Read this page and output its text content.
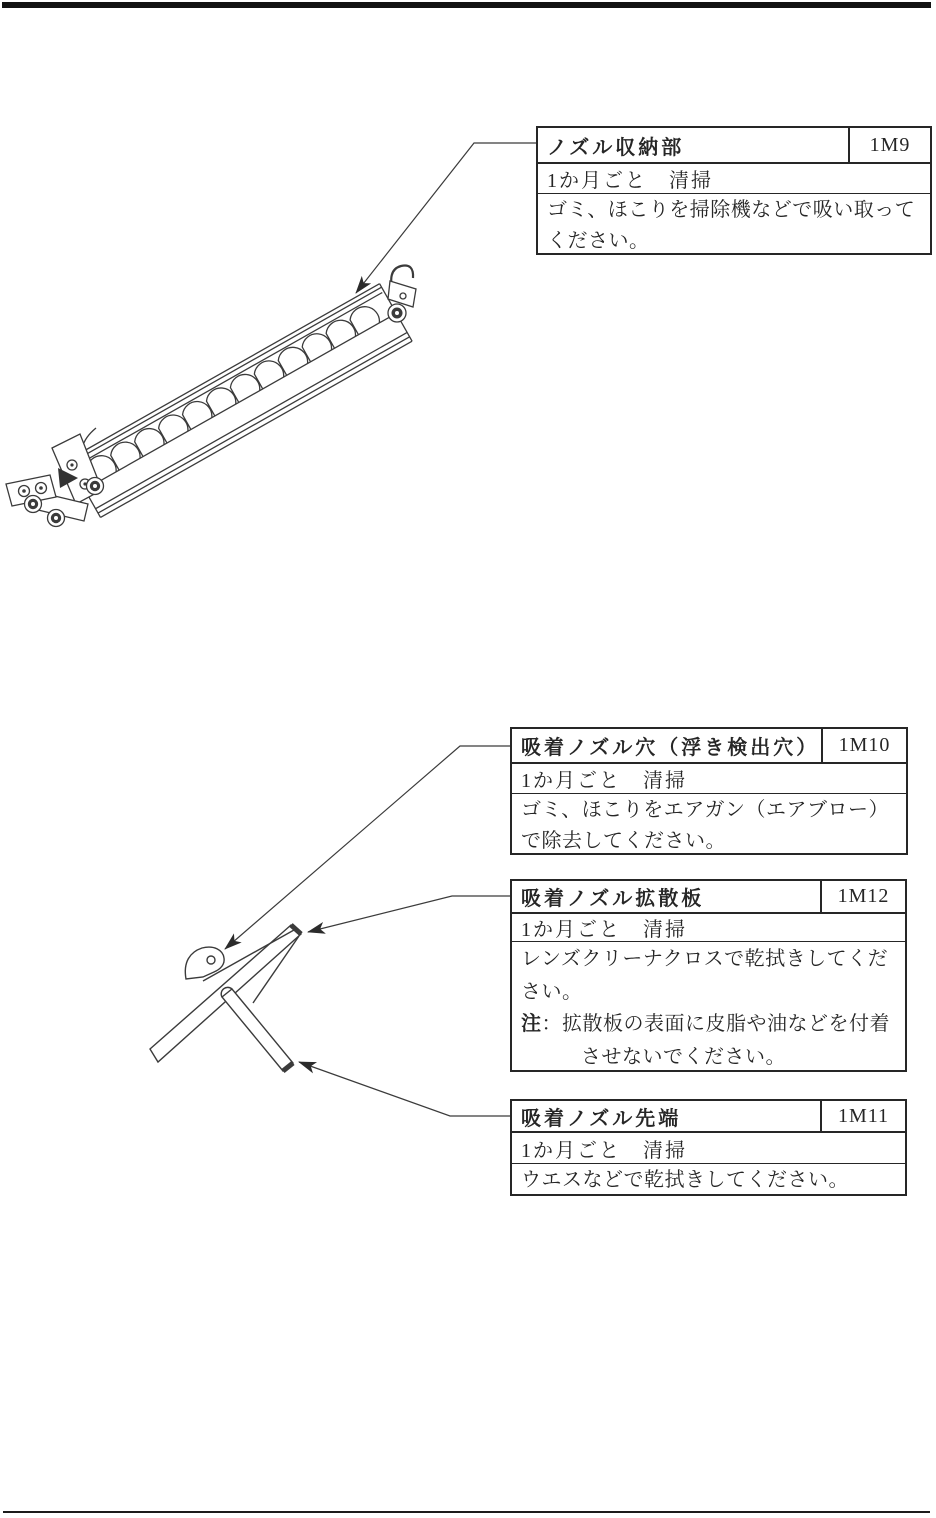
ノズル収納部	1M9
1か月ごと　清掃
ゴミ、ほこりを掃除機などで吸い取ってください。
吸着ノズル穴（浮き検出穴） 1M10
1か月ごと　清掃
ゴミ、ほこりをエアガン（エアブロー）で除去してください。
吸着ノズル拡散板	1M12
1か月ごと　清掃
レンズクリーナクロスで乾拭きしてください。
注：拡散板の表面に皮脂や油などを付着させないでください。
吸着ノズル先端	1M11
1か月ごと　清掃
ウエスなどで乾拭きしてください。
